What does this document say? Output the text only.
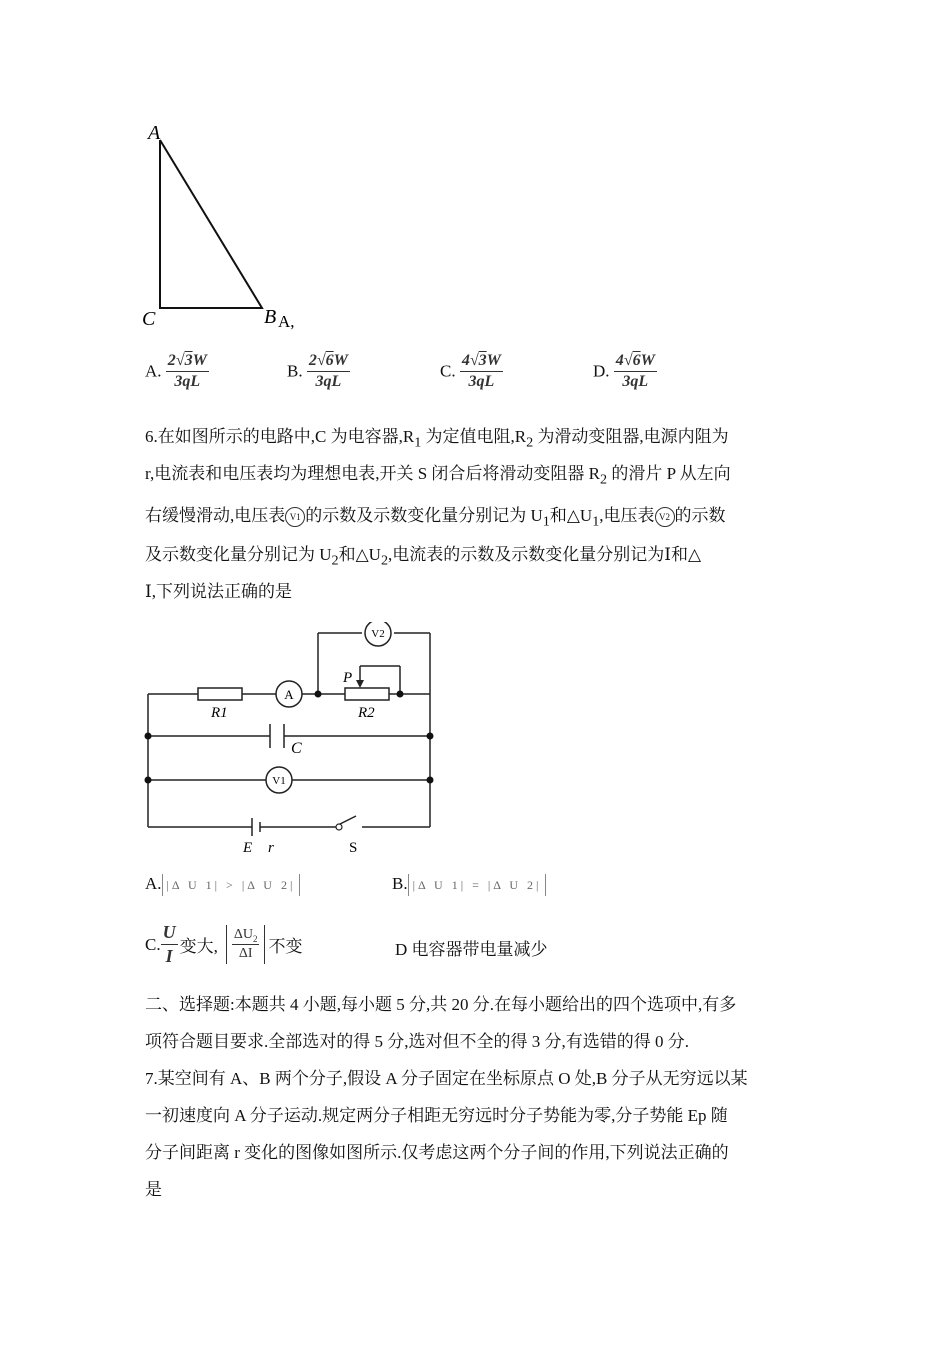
A
C	B A,
A. $\frac{2√3W}{3qL}$	B. $\frac{2√6W}{3qL}$	C. $\frac{4√3W}{3qL}$	D. $\frac{4√6W}{3qL}$
6.在如图所示的电路中,C 为电容器$,R_1$ 为定值电阻$,R_2$ 为滑动变阻器,电源内阻为
r,电流表和电压表均为理想电表,开关 S 闭合后将滑动变阻器 $R_2$ 的滑片 P 从左向
右缓慢滑动,电压表 V1 的示数及示数变化量分别记为 $U_1$和$\triangle U_1$,电压表 V2 的示数
及示数变化量分别记为 $U_2$和$\triangle U_2$,电流表的示数及示数变化量分别记为Ⅰ和△
Ⅰ,下列说法正确的是
V2
A
V1
P
R1	R2
C
E r	S
A. |Δ U 1| > |Δ U 2|	B. |Δ U 1| = |Δ U 2|
C. $\frac{U}{I}$ 变大, $\frac{\Delta U_2}{\Delta I}$ 不变	D 电容器带电量减少
二、选择题:本题共 4 小题,每小题 5 分,共 20 分.在每小题给出的四个选项中,有多
项符合题目要求.全部选对的得 5 分,选对但不全的得 3 分,有选错的得 0 分.
7.某空间有 A、B 两个分子,假设 A 分子固定在坐标原点 O 处,B 分子从无穷远以某
一初速度向 A 分子运动.规定两分子相距无穷远时分子势能为零,分子势能 Ep 随
分子间距离 r 变化的图像如图所示.仅考虑这两个分子间的作用,下列说法正确的
是
